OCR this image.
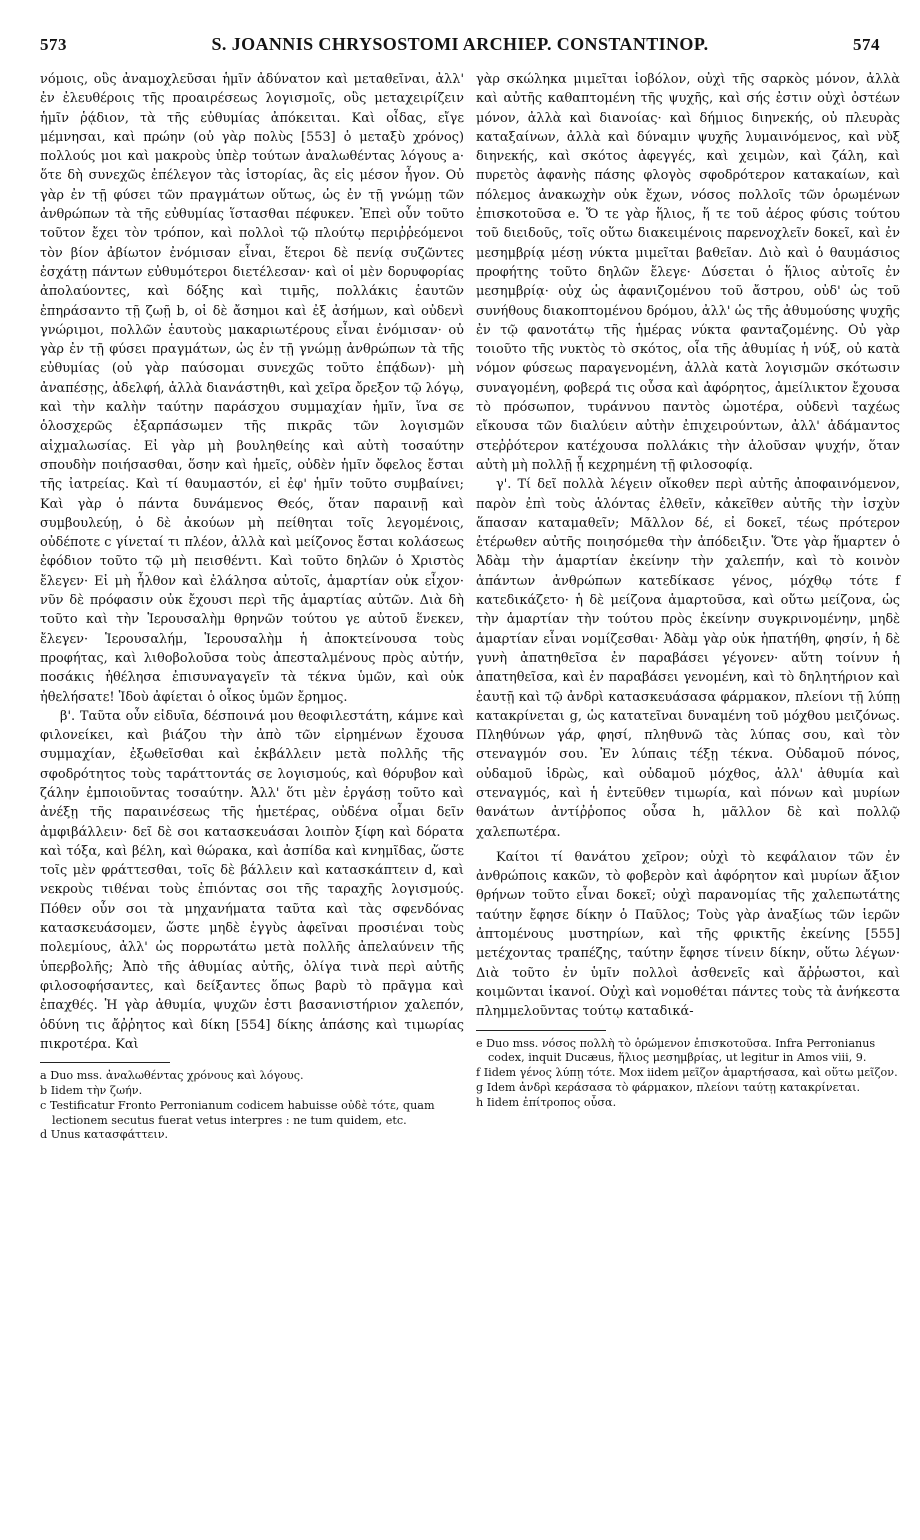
573	S. JOANNIS CHRYSOSTOMI ARCHIEP. CONSTANTINOP.	574

νόμοις, οὓς ἀναμοχλεῦσαι ἡμῖν ἀδύνατον καὶ μεταθεῖναι, ἀλλ' ἐν ἐλευθέροις τῆς προαιρέσεως λογισμοῖς, οὓς μεταχειρίζειν ἡμῖν ῥᾴδιον, τὰ τῆς εὐθυμίας ἀπόκειται. Καὶ οἶδας, εἴγε μέμνησαι, καὶ πρώην (οὐ γὰρ πολὺς [553] ὁ μεταξὺ χρόνος) πολλούς μοι καὶ μακροὺς ὑπὲρ τούτων ἀναλωθέντας λόγους a· ὅτε δὴ συνεχῶς ἐπέλεγον τὰς ἱστορίας, ἃς εἰς μέσον ἦγον. Οὐ γὰρ ἐν τῇ φύσει τῶν πραγμάτων οὕτως, ὡς ἐν τῇ γνώμῃ τῶν ἀνθρώπων τὰ τῆς εὐθυμίας ἵστασθαι πέφυκεν. Ἐπεὶ οὖν τοῦτο τοῦτον ἔχει τὸν τρόπον, καὶ πολλοὶ τῷ πλούτῳ περιῤῥεόμενοι τὸν βίον ἀβίωτον ἐνόμισαν εἶναι, ἕτεροι δὲ πενίᾳ συζῶντες ἐσχάτῃ πάντων εὐθυμότεροι διετέλεσαν· καὶ οἱ μὲν δορυφορίας ἀπολαύοντες, καὶ δόξης καὶ τιμῆς, πολλάκις ἑαυτῶν ἐπηράσαντο τῇ ζωῇ b, οἱ δὲ ἄσημοι καὶ ἐξ ἀσήμων, καὶ οὐδενὶ γνώριμοι, πολλῶν ἑαυτοὺς μακαριωτέρους εἶναι ἐνόμισαν· οὐ γὰρ ἐν τῇ φύσει πραγμάτων, ὡς ἐν τῇ γνώμῃ ἀνθρώπων τὰ τῆς εὐθυμίας (οὐ γὰρ παύσομαι συνεχῶς τοῦτο ἐπᾴδων)· μὴ ἀναπέσῃς, ἀδελφή, ἀλλὰ διανάστηθι, καὶ χεῖρα ὄρεξον τῷ λόγῳ, καὶ τὴν καλὴν ταύτην παράσχου συμμαχίαν ἡμῖν, ἵνα σε ὁλοσχερῶς ἐξαρπάσωμεν τῆς πικρᾶς τῶν λογισμῶν αἰχμαλωσίας. Εἰ γὰρ μὴ βουληθείης καὶ αὐτὴ τοσαύτην σπουδὴν ποιήσασθαι, ὅσην καὶ ἡμεῖς, οὐδὲν ἡμῖν ὄφελος ἔσται τῆς ἰατρείας. Καὶ τί θαυμαστόν, εἰ ἐφ' ἡμῖν τοῦτο συμβαίνει; Καὶ γὰρ ὁ πάντα δυνάμενος Θεός, ὅταν παραινῇ καὶ συμβουλεύῃ, ὁ δὲ ἀκούων μὴ πείθηται τοῖς λεγομένοις, οὐδέποτε c γίνεταί τι πλέον, ἀλλὰ καὶ μείζονος ἔσται κολάσεως ἐφόδιον τοῦτο τῷ μὴ πεισθέντι. Καὶ τοῦτο δηλῶν ὁ Χριστὸς ἔλεγεν· Εἰ μὴ ἦλθον καὶ ἐλάλησα αὐτοῖς, ἁμαρτίαν οὐκ εἶχον· νῦν δὲ πρόφασιν οὐκ ἔχουσι περὶ τῆς ἁμαρτίας αὐτῶν. Διὰ δὴ τοῦτο καὶ τὴν Ἱερουσαλὴμ θρηνῶν τούτου γε αὐτοῦ ἕνεκεν, ἔλεγεν· Ἱερουσαλήμ, Ἱερουσαλὴμ ἡ ἀποκτείνουσα τοὺς προφήτας, καὶ λιθοβολοῦσα τοὺς ἀπεσταλμένους πρὸς αὐτήν, ποσάκις ἠθέλησα ἐπισυναγαγεῖν τὰ τέκνα ὑμῶν, καὶ οὐκ ἠθελήσατε! Ἰδοὺ ἀφίεται ὁ οἶκος ὑμῶν ἔρημος.

β'. Ταῦτα οὖν εἰδυῖα, δέσποινά μου θεοφιλεστάτη, κάμνε καὶ φιλονείκει, καὶ βιάζου τὴν ἀπὸ τῶν εἰρημένων ἔχουσα συμμαχίαν, ἐξωθεῖσθαι καὶ ἐκβάλλειν μετὰ πολλῆς τῆς σφοδρότητος τοὺς ταράττοντάς σε λογισμούς, καὶ θόρυβον καὶ ζάλην ἐμποιοῦντας τοσαύτην. Ἀλλ' ὅτι μὲν ἐργάσῃ τοῦτο καὶ ἀνέξῃ τῆς παραινέσεως τῆς ἡμετέρας, οὐδένα οἶμαι δεῖν ἀμφιβάλλειν· δεῖ δὲ σοι κατασκευάσαι λοιπὸν ξίφη καὶ δόρατα καὶ τόξα, καὶ βέλη, καὶ θώρακα, καὶ ἀσπίδα καὶ κνημῖδας, ὥστε τοῖς μὲν φράττεσθαι, τοῖς δὲ βάλλειν καὶ κατασκάπτειν d, καὶ νεκροὺς τιθέναι τοὺς ἐπιόντας σοι τῆς ταραχῆς λογισμούς. Πόθεν οὖν σοι τὰ μηχανήματα ταῦτα καὶ τὰς σφενδόνας κατασκευάσομεν, ὥστε μηδὲ ἐγγὺς ἀφεῖναι προσιέναι τοὺς πολεμίους, ἀλλ' ὡς πορρωτάτω μετὰ πολλῆς ἀπελαύνειν τῆς ὑπερβολῆς; Ἀπὸ τῆς ἀθυμίας αὐτῆς, ὀλίγα τινὰ περὶ αὐτῆς φιλοσοφήσαντες, καὶ δείξαντες ὅπως βαρὺ τὸ πρᾶγμα καὶ ἐπαχθές. Ἡ γὰρ ἀθυμία, ψυχῶν ἐστι βασανιστήριον χαλεπόν, ὀδύνη τις ἄῤῥητος καὶ δίκη [554] δίκης ἁπάσης καὶ τιμωρίας πικροτέρα. Καὶ

a Duo mss. ἀναλωθέντας χρόνους καὶ λόγους.

b Iidem τὴν ζωήν.

c Testificatur Fronto Perronianum codicem habuisse οὐδὲ τότε, quam lectionem secutus fuerat vetus interpres : ne tum quidem, etc.

d Unus κατασφάττειν.

γὰρ σκώληκα μιμεῖται ἰοβόλον, οὐχὶ τῆς σαρκὸς μόνον, ἀλλὰ καὶ αὐτῆς καθαπτομένη τῆς ψυχῆς, καὶ σής ἐστιν οὐχὶ ὀστέων μόνον, ἀλλὰ καὶ διανοίας· καὶ δήμιος διηνεκής, οὐ πλευρὰς καταξαίνων, ἀλλὰ καὶ δύναμιν ψυχῆς λυμαινόμενος, καὶ νὺξ διηνεκής, καὶ σκότος ἀφεγγές, καὶ χειμὼν, καὶ ζάλη, καὶ πυρετὸς ἀφανὴς πάσης φλογὸς σφοδρότερον κατακαίων, καὶ πόλεμος ἀνακωχὴν οὐκ ἔχων, νόσος πολλοῖς τῶν ὁρωμένων ἐπισκοτοῦσα e. Ὅ τε γὰρ ἥλιος, ἥ τε τοῦ ἀέρος φύσις τούτου τοῦ διειδοῦς, τοῖς οὕτω διακειμένοις παρενοχλεῖν δοκεῖ, καὶ ἐν μεσημβρίᾳ μέσῃ νύκτα μιμεῖται βαθεῖαν. Διὸ καὶ ὁ θαυμάσιος προφήτης τοῦτο δηλῶν ἔλεγε· Δύσεται ὁ ἥλιος αὐτοῖς ἐν μεσημβρίᾳ· οὐχ ὡς ἀφανιζομένου τοῦ ἄστρου, οὐδ' ὡς τοῦ συνήθους διακοπτομένου δρόμου, ἀλλ' ὡς τῆς ἀθυμούσης ψυχῆς ἐν τῷ φανοτάτῳ τῆς ἡμέρας νύκτα φανταζομένης. Οὐ γὰρ τοιοῦτο τῆς νυκτὸς τὸ σκότος, οἷα τῆς ἀθυμίας ἡ νύξ, οὐ κατὰ νόμον φύσεως παραγενομένη, ἀλλὰ κατὰ λογισμῶν σκότωσιν συναγομένη, φοβερά τις οὖσα καὶ ἀφόρητος, ἀμείλικτον ἔχουσα τὸ πρόσωπον, τυράννου παντὸς ὠμοτέρα, οὐδενὶ ταχέως εἴκουσα τῶν διαλύειν αὐτὴν ἐπιχειρούντων, ἀλλ' ἀδάμαντος στεῤῥότερον κατέχουσα πολλάκις τὴν ἁλοῦσαν ψυχήν, ὅταν αὐτὴ μὴ πολλῇ ᾖ κεχρημένη τῇ φιλοσοφίᾳ.

γ'. Τί δεῖ πολλὰ λέγειν οἴκοθεν περὶ αὐτῆς ἀποφαινόμενον, παρὸν ἐπὶ τοὺς ἁλόντας ἐλθεῖν, κἀκεῖθεν αὐτῆς τὴν ἰσχὺν ἅπασαν καταμαθεῖν; Μᾶλλον δέ, εἰ δοκεῖ, τέως πρότερον ἑτέρωθεν αὐτῆς ποιησόμεθα τὴν ἀπόδειξιν. Ὅτε γὰρ ἥμαρτεν ὁ Ἀδὰμ τὴν ἁμαρτίαν ἐκείνην τὴν χαλεπήν, καὶ τὸ κοινὸν ἁπάντων ἀνθρώπων κατεδίκασε γένος, μόχθῳ τότε f κατεδικάζετο· ἡ δὲ μείζονα ἁμαρτοῦσα, καὶ οὕτω μείζονα, ὡς τὴν ἁμαρτίαν τὴν τούτου πρὸς ἐκείνην συγκρινομένην, μηδὲ ἁμαρτίαν εἶναι νομίζεσθαι· Ἀδὰμ γὰρ οὐκ ἠπατήθη, φησίν, ἡ δὲ γυνὴ ἀπατηθεῖσα ἐν παραβάσει γέγονεν· αὕτη τοίνυν ἡ ἀπατηθεῖσα, καὶ ἐν παραβάσει γενομένη, καὶ τὸ δηλητήριον καὶ ἑαυτῇ καὶ τῷ ἀνδρὶ κατασκευάσασα φάρμακον, πλείονι τῇ λύπῃ κατακρίνεται g, ὡς κατατεῖναι δυναμένη τοῦ μόχθου μειζόνως. Πληθύνων γάρ, φησί, πληθυνῶ τὰς λύπας σου, καὶ τὸν στεναγμόν σου. Ἐν λύπαις τέξῃ τέκνα. Οὐδαμοῦ πόνος, οὐδαμοῦ ἱδρὼς, καὶ οὐδαμοῦ μόχθος, ἀλλ' ἀθυμία καὶ στεναγμός, καὶ ἡ ἐντεῦθεν τιμωρία, καὶ πόνων καὶ μυρίων θανάτων ἀντίῤῥοπος οὖσα h, μᾶλλον δὲ καὶ πολλῷ χαλεπωτέρα.

Καίτοι τί θανάτου χεῖρον; οὐχὶ τὸ κεφάλαιον τῶν ἐν ἀνθρώποις κακῶν, τὸ φοβερὸν καὶ ἀφόρητον καὶ μυρίων ἄξιον θρήνων τοῦτο εἶναι δοκεῖ; οὐχὶ παρανομίας τῆς χαλεπωτάτης ταύτην ἔφησε δίκην ὁ Παῦλος; Τοὺς γὰρ ἀναξίως τῶν ἱερῶν ἀπτομένους μυστηρίων, καὶ τῆς φρικτῆς ἐκείνης [555] μετέχοντας τραπέζης, ταύτην ἔφησε τίνειν δίκην, οὕτω λέγων· Διὰ τοῦτο ἐν ὑμῖν πολλοὶ ἀσθενεῖς καὶ ἄῤῥωστοι, καὶ κοιμῶνται ἱκανοί. Οὐχὶ καὶ νομοθέται πάντες τοὺς τὰ ἀνήκεστα πλημμελοῦντας τούτῳ καταδικά-

e Duo mss. νόσος πολλὴ τὸ ὁρώμενον ἐπισκοτοῦσα. Infra Perronianus codex, inquit Ducæus, ἥλιος μεσημβρίας, ut legitur in Amos viii, 9.

f Iidem γένος λύπῃ τότε. Mox iidem μεῖζον ἁμαρτήσασα, καὶ οὕτω μεῖζον.

g Idem ἀνδρὶ κεράσασα τὸ φάρμακον, πλείονι ταύτῃ κατακρίνεται.

h Iidem ἐπίτροπος οὖσα.
